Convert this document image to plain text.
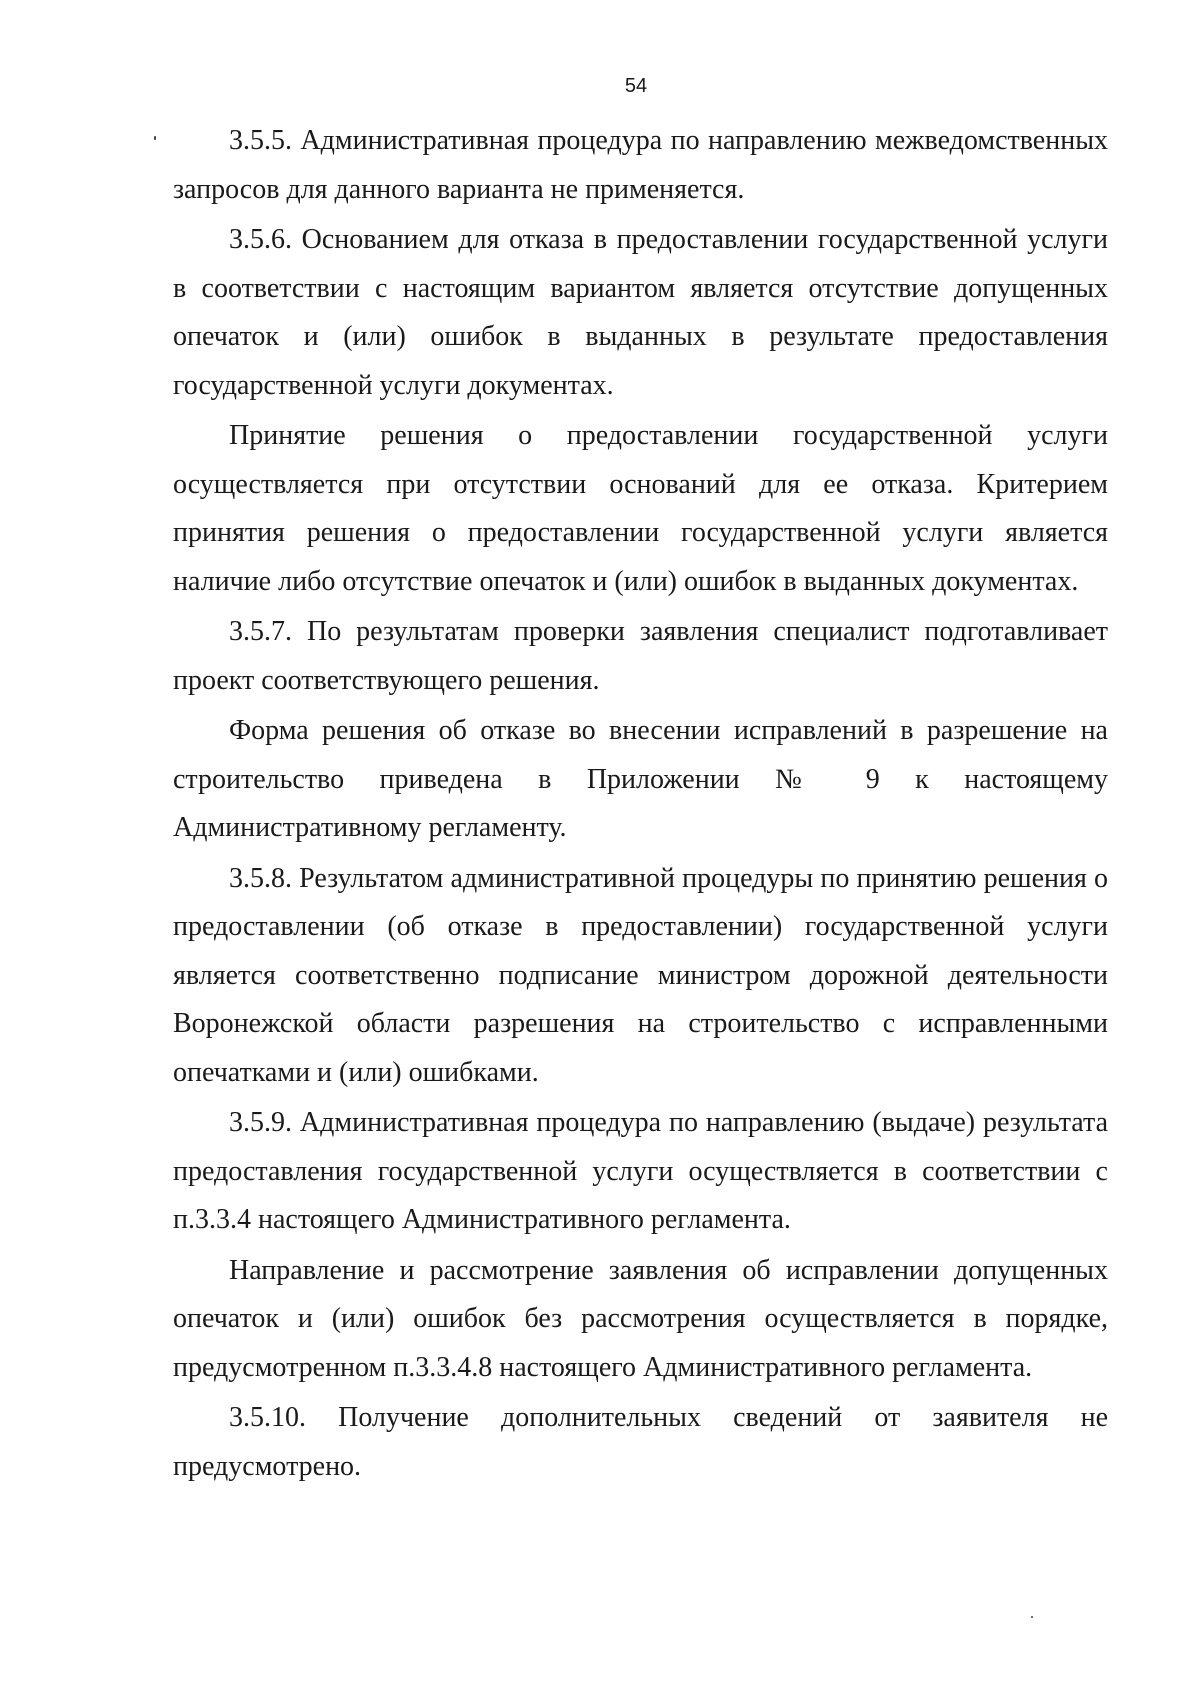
54

3.5.5. Административная процедура по направлению межведомственных запросов для данного варианта не применяется.

3.5.6. Основанием для отказа в предоставлении государственной услуги в соответствии с настоящим вариантом является отсутствие допущенных опечаток и (или) ошибок в выданных в результате предоставления государственной услуги документах.

Принятие решения о предоставлении государственной услуги осуществляется при отсутствии оснований для ее отказа. Критерием принятия решения о предоставлении государственной услуги является наличие либо отсутствие опечаток и (или) ошибок в выданных документах.

3.5.7. По результатам проверки заявления специалист подготавливает проект соответствующего решения.

Форма решения об отказе во внесении исправлений в разрешение на строительство приведена в Приложении № 9 к настоящему Административному регламенту.

3.5.8. Результатом административной процедуры по принятию решения о предоставлении (об отказе в предоставлении) государственной услуги является соответственно подписание министром дорожной деятельности Воронежской области разрешения на строительство с исправленными опечатками и (или) ошибками.

3.5.9. Административная процедура по направлению (выдаче) результата предоставления государственной услуги осуществляется в соответствии с п.3.3.4 настоящего Административного регламента.

Направление и рассмотрение заявления об исправлении допущенных опечаток и (или) ошибок без рассмотрения осуществляется в порядке, предусмотренном п.3.3.4.8 настоящего Административного регламента.

3.5.10. Получение дополнительных сведений от заявителя не предусмотрено.
